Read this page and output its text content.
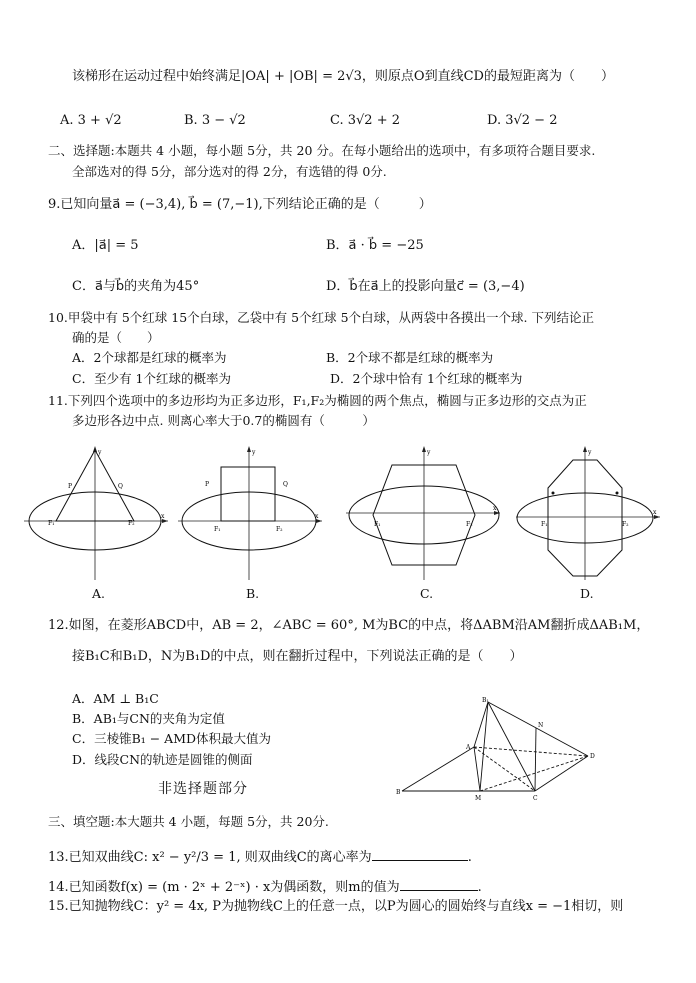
该梯形在运动过程中始终满足|OA| + |OB| = 2√3，则原点O到直线CD的最短距离为（　　）
A. 3 + √2	B. 3 − √2	C. 3√2 + 2	D. 3√2 − 2
二、选择题:本题共 4 小题，每小题 5分，共 20 分。在每小题给出的选项中，有多项符合题目要求.
全部选对的得 5分，部分选对的得 2分，有选错的得 0分.
9.已知向量a⃗ = (−3,4), b⃗ = (7,−1),下列结论正确的是（　　　）
A．|a⃗| = 5	B．a⃗ · b⃗ = −25
C．a⃗与b⃗的夹角为45°	D．b⃗在a⃗上的投影向量c⃗ = (3,−4)
10.甲袋中有 5个红球 15个白球，乙袋中有 5个红球 5个白球，从两袋中各摸出一个球. 下列结论正
确的是（　　）
A．2个球都是红球的概率为	B．2个球不都是红球的概率为
C．至少有 1个红球的概率为	D．2个球中恰有 1个红球的概率为
11.下列四个选项中的多边形均为正多边形，F₁,F₂为椭圆的两个焦点，椭圆与正多边形的交点为正
多边形各边中点. 则离心率大于0.7的椭圆有（　　　）
y
x
P	Q
F₁	F₂
A.
y
x
P	Q
F₁	F₂
B.
y
x
F₁	F₂
C.
y
x
F₁	F₂
D.
12.如图，在菱形ABCD中，AB = 2，∠ABC = 60°, M为BC的中点，将ΔABM沿AM翻折成ΔAB₁M，
接B₁C和B₁D，N为B₁D的中点，则在翻折过程中，下列说法正确的是（　　）
A．AM ⊥ B₁C
B．AB₁与CN的夹角为定值
C．三棱锥B₁ − AMD体积最大值为
D．线段CN的轨迹是圆锥的侧面
B₁
N
A
D
B
M	C
非选择题部分
三、填空题:本大题共 4 小题，每题 5分，共 20分.
13.已知双曲线C: x² − y²/3 = 1, 则双曲线C的离心率为	.
14.已知函数f(x) = (m · 2ˣ + 2⁻ˣ) · x为偶函数，则m的值为	.
15.已知抛物线C：y² = 4x, P为抛物线C上的任意一点，以P为圆心的圆始终与直线x = −1相切，则
